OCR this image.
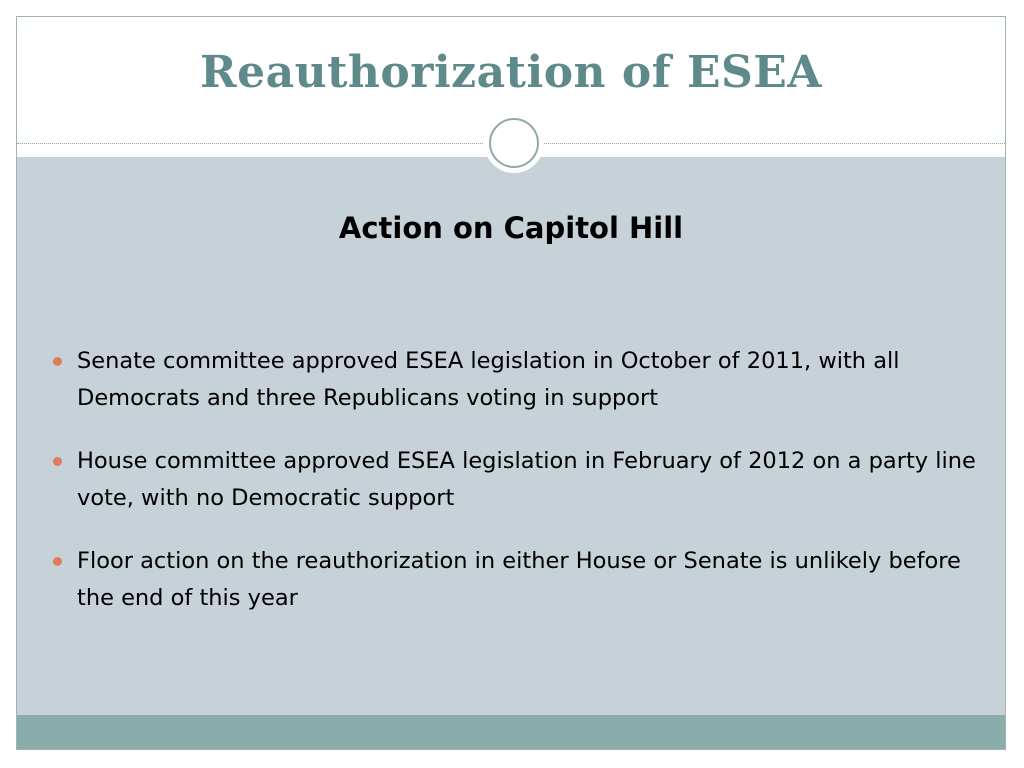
Reauthorization of ESEA
Action on Capitol Hill
Senate committee approved ESEA legislation in October of 2011, with all Democrats and three Republicans voting in support
House committee approved ESEA legislation in February of 2012 on a party line vote, with no Democratic support
Floor action on the reauthorization in either House or Senate is unlikely before the end of this year
